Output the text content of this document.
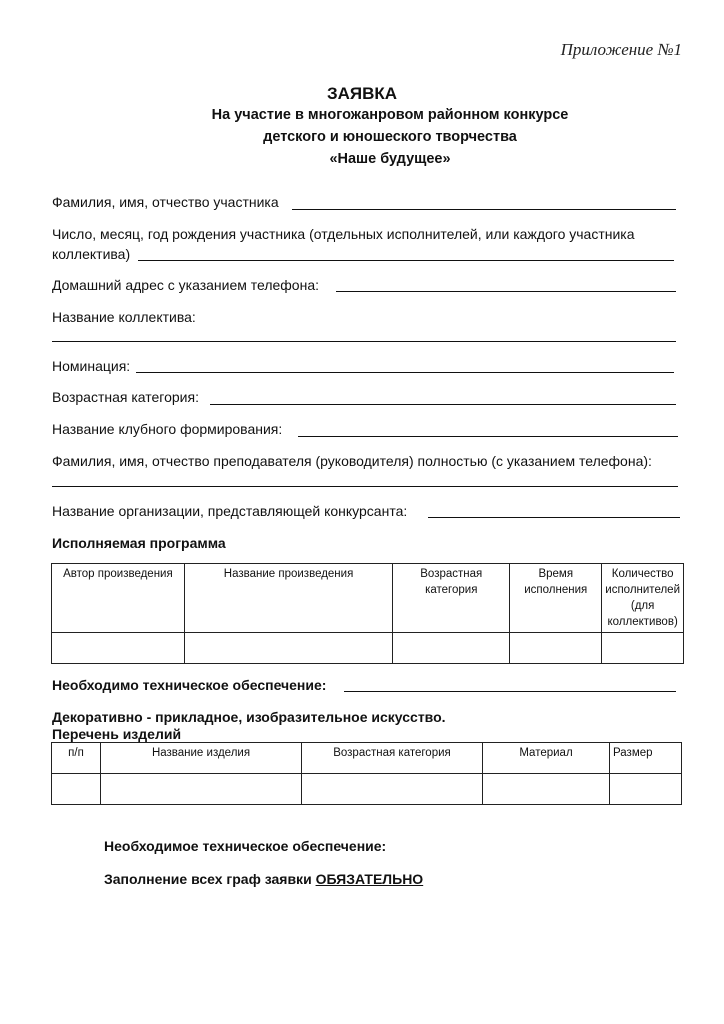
Приложение №1
ЗАЯВКА
На участие в многожанровом районном конкурсе
детского и юношеского творчества
«Наше будущее»
Фамилия, имя, отчество участника
Число, месяц, год рождения участника (отдельных исполнителей, или каждого участника
коллектива)
Домашний адрес с указанием телефона:
Название коллектива:
Номинация:
Возрастная категория:
Название клубного формирования:
Фамилия, имя, отчество преподавателя (руководителя) полностью (с указанием телефона):
Название организации, представляющей конкурсанта:
Исполняемая программа
Автор произведения	Название произведения	Возрастная категория	Время исполнения	Количество исполнителей (для коллективов)

Необходимо техническое обеспечение:
Декоративно - прикладное, изобразительное искусство.
Перечень изделий
п/п	Название изделия	Возрастная категория	Материал	Размер

Необходимое техническое обеспечение:
Заполнение всех граф заявки ОБЯЗАТЕЛЬНО
